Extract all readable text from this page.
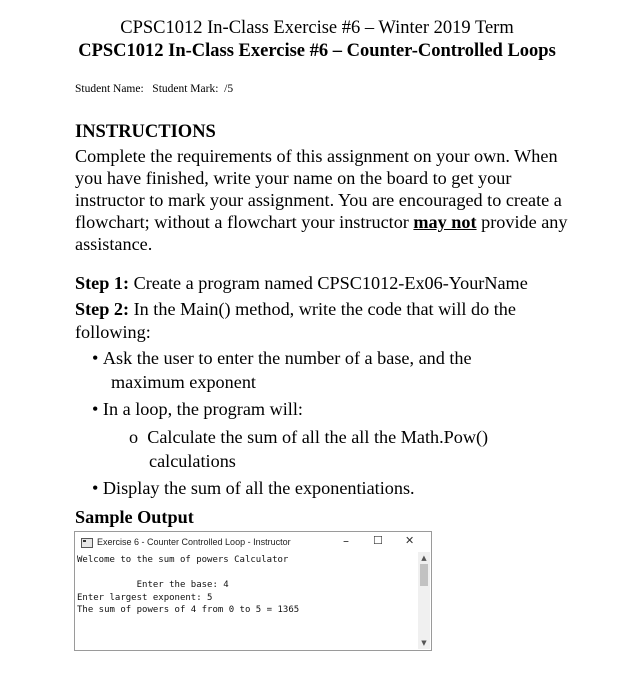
CPSC1012 In-Class Exercise #6 – Winter 2019 Term
CPSC1012 In-Class Exercise #6 – Counter-Controlled Loops
Student Name:   Student Mark:  /5
INSTRUCTIONS
Complete the requirements of this assignment on your own. When you have finished, write your name on the board to get your instructor to mark your assignment. You are encouraged to create a flowchart; without a flowchart your instructor may not provide any assistance.
Step 1: Create a program named CPSC1012-Ex06-YourName
Step 2: In the Main() method, write the code that will do the
following:
• Ask the user to enter the number of a base, and the
maximum exponent
• In a loop, the program will:
o  Calculate the sum of all the all the Math.Pow()
calculations
• Display the sum of all the exponentiations.
Sample Output
Exercise 6 - Counter Controlled Loop - Instructor	– ☐ ✕
Welcome to the sum of powers Calculator

Enter the base: 4
Enter largest exponent: 5
The sum of powers of 4 from 0 to 5 = 1365
▲
▼
